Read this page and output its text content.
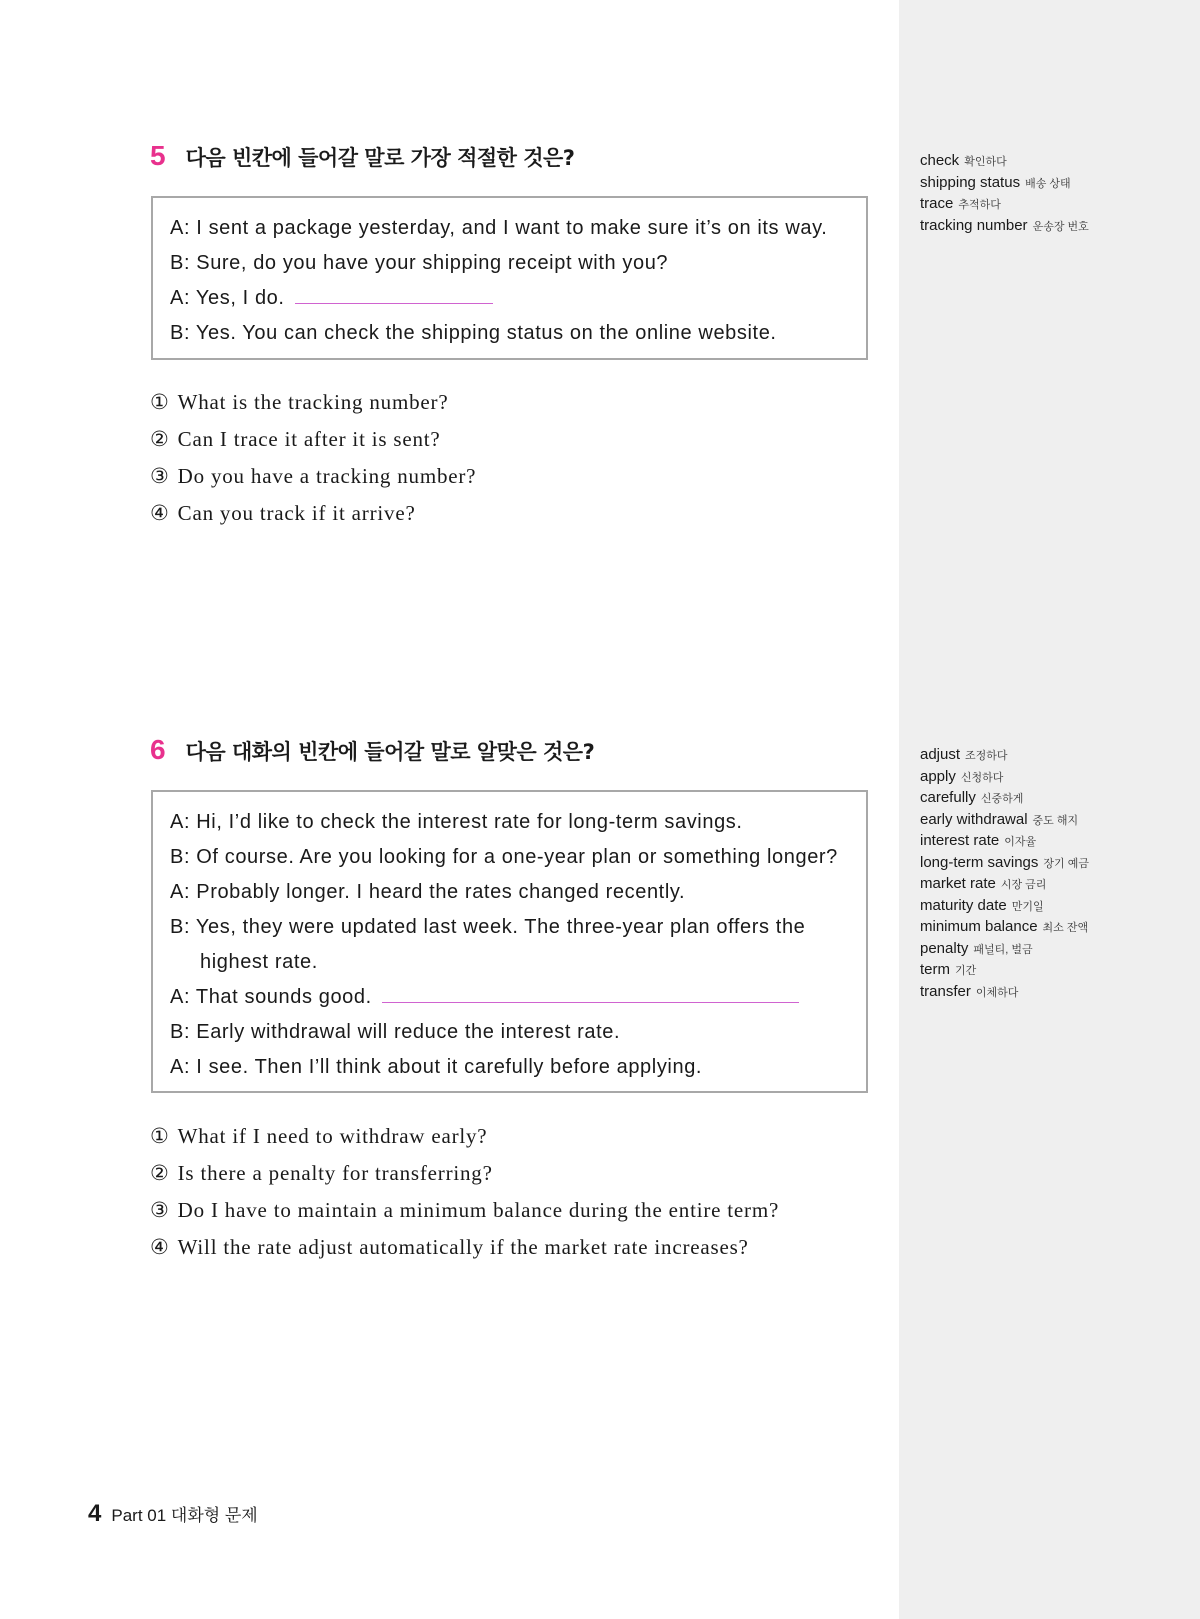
5 다음 빈칸에 들어갈 말로 가장 적절한 것은?
A: I sent a package yesterday, and I want to make sure it’s on its way.
B: Sure, do you have your shipping receipt with you?
A: Yes, I do.
B: Yes. You can check the shipping status on the online website.
① What is the tracking number?
② Can I trace it after it is sent?
③ Do you have a tracking number?
④ Can you track if it arrive?
check 확인하다
shipping status 배송 상태
trace 추적하다
tracking number 운송장 번호
6 다음 대화의 빈칸에 들어갈 말로 알맞은 것은?
A: Hi, I’d like to check the interest rate for long-term savings.
B: Of course. Are you looking for a one-year plan or something longer?
A: Probably longer. I heard the rates changed recently.
B: Yes, they were updated last week. The three-year plan offers the
highest rate.
A: That sounds good.
B: Early withdrawal will reduce the interest rate.
A: I see. Then I’ll think about it carefully before applying.
① What if I need to withdraw early?
② Is there a penalty for transferring?
③ Do I have to maintain a minimum balance during the entire term?
④ Will the rate adjust automatically if the market rate increases?
adjust 조정하다
apply 신청하다
carefully 신중하게
early withdrawal 중도 해지
interest rate 이자율
long-term savings 장기 예금
market rate 시장 금리
maturity date 만기일
minimum balance 최소 잔액
penalty 패널티, 벌금
term 기간
transfer 이체하다
4 Part 01 대화형 문제
